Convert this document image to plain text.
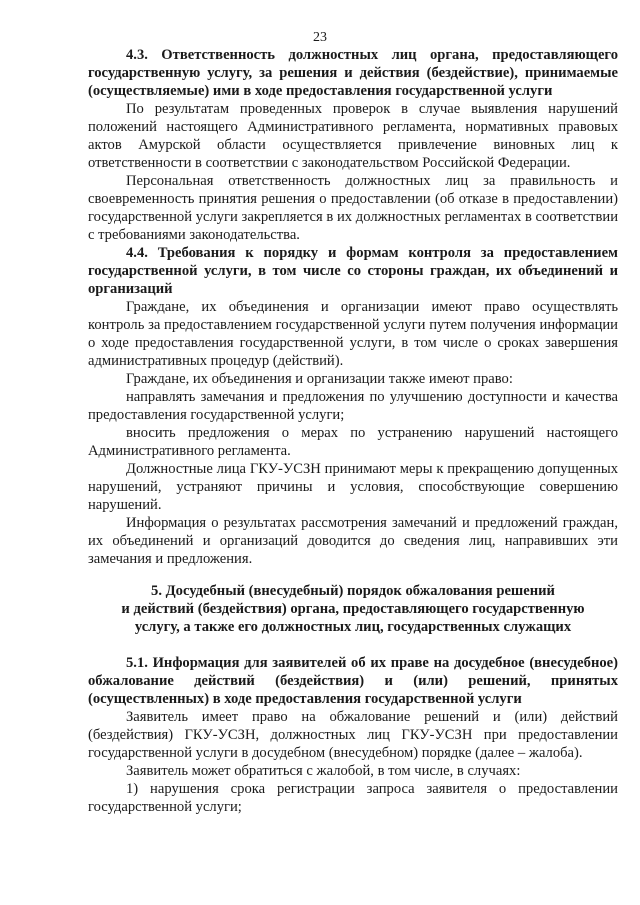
23

4.3. Ответственность должностных лиц органа, предоставляющего государственную услугу, за решения и действия (бездействие), принимаемые (осуществляемые) ими в ходе предоставления государственной услуги

По результатам проведенных проверок в случае выявления нарушений положений настоящего Административного регламента, нормативных правовых актов Амурской области осуществляется привлечение виновных лиц к ответственности в соответствии с законодательством Российской Федерации.

Персональная ответственность должностных лиц за правильность и своевременность принятия решения о предоставлении (об отказе в предоставлении) государственной услуги закрепляется в их должностных регламентах в соответствии с требованиями законодательства.

4.4. Требования к порядку и формам контроля за предоставлением государственной услуги, в том числе со стороны граждан, их объединений и организаций

Граждане, их объединения и организации имеют право осуществлять контроль за предоставлением государственной услуги путем получения информации о ходе предоставления государственной услуги, в том числе о сроках завершения административных процедур (действий).

Граждане, их объединения и организации также имеют право:

направлять замечания и предложения по улучшению доступности и качества предоставления государственной услуги;

вносить предложения о мерах по устранению нарушений настоящего Административного регламента.

Должностные лица ГКУ-УСЗН принимают меры к прекращению допущенных нарушений, устраняют причины и условия, способствующие совершению нарушений.

Информация о результатах рассмотрения замечаний и предложений граждан, их объединений и организаций доводится до сведения лиц, направивших эти замечания и предложения.

5. Досудебный (внесудебный) порядок обжалования решений

и действий (бездействия) органа, предоставляющего государственную

услугу, а также его должностных лиц, государственных служащих

5.1. Информация для заявителей об их праве на досудебное (внесудебное) обжалование действий (бездействия) и (или) решений, принятых (осуществленных) в ходе предоставления государственной услуги

Заявитель имеет право на обжалование решений и (или) действий (бездействия) ГКУ-УСЗН, должностных лиц ГКУ-УСЗН при предоставлении государственной услуги в досудебном (внесудебном) порядке (далее – жалоба).

Заявитель может обратиться с жалобой, в том числе, в случаях:

1) нарушения срока регистрации запроса заявителя о предоставлении государственной услуги;
